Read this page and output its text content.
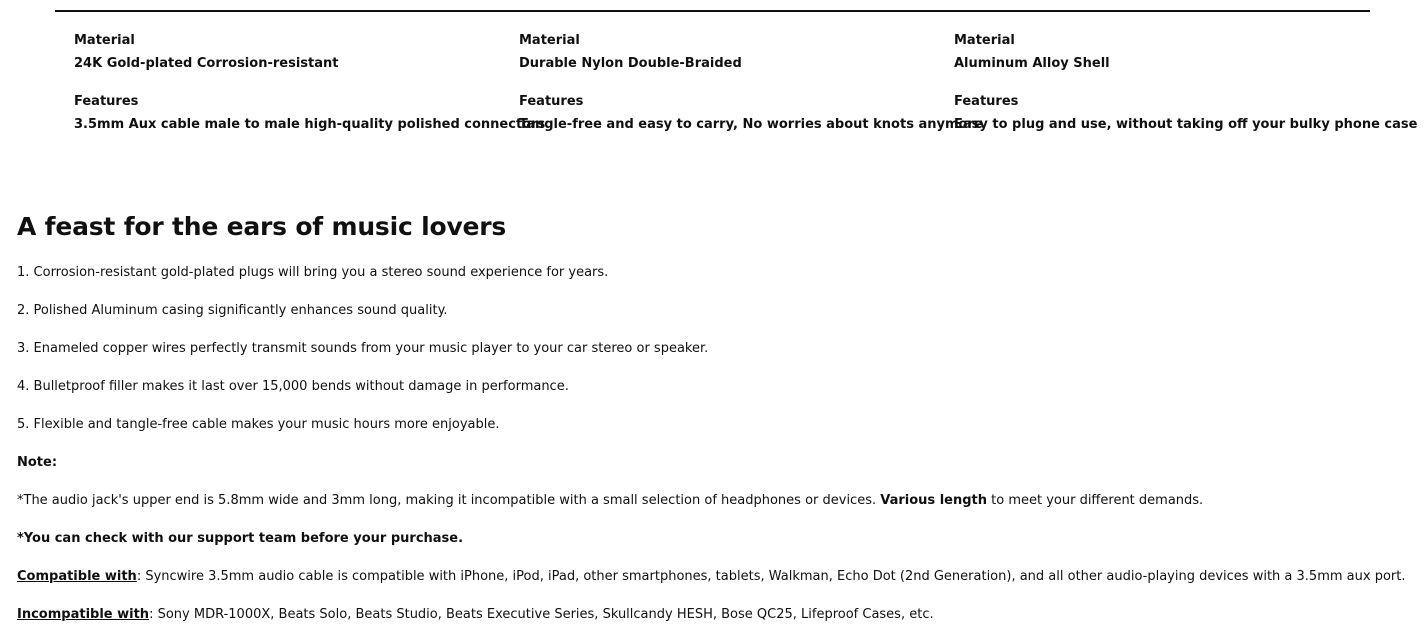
Material
24K Gold-plated Corrosion-resistant
Features
3.5mm Aux cable male to male high-quality polished connectors
Material
Durable Nylon Double-Braided
Features
Tangle-free and easy to carry, No worries about knots anymore
Material
Aluminum Alloy Shell
Features
Easy to plug and use, without taking off your bulky phone case
A feast for the ears of music lovers

1. Corrosion-resistant gold-plated plugs will bring you a stereo sound experience for years.

2. Polished Aluminum casing significantly enhances sound quality.

3. Enameled copper wires perfectly transmit sounds from your music player to your car stereo or speaker.

4. Bulletproof filler makes it last over 15,000 bends without damage in performance.

5. Flexible and tangle-free cable makes your music hours more enjoyable.

Note:

*The audio jack's upper end is 5.8mm wide and 3mm long, making it incompatible with a small selection of headphones or devices. Various length to meet your different demands.

*You can check with our support team before your purchase.

Compatible with: Syncwire 3.5mm audio cable is compatible with iPhone, iPod, iPad, other smartphones, tablets, Walkman, Echo Dot (2nd Generation), and all other audio-playing devices with a 3.5mm aux port.

Incompatible with: Sony MDR-1000X, Beats Solo, Beats Studio, Beats Executive Series, Skullcandy HESH, Bose QC25, Lifeproof Cases, etc.
